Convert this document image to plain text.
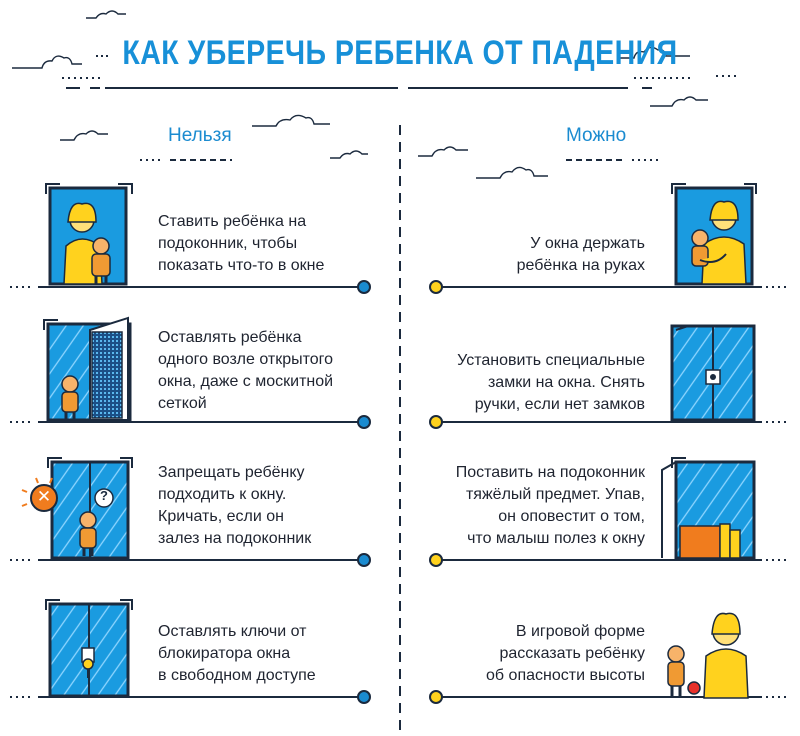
КАК УБЕРЕЧЬ РЕБЕНКА ОТ ПАДЕНИЯ
Нельзя	Можно
✕	?
Ставить ребёнка на
подоконник, чтобы
показать что-то в окне
Оставлять ребёнка
одного возле открытого
окна, даже с москитной
сеткой
Запрещать ребёнку
подходить к окну.
Кричать, если он
залез на подоконник
Оставлять ключи от
блокиратора окна
в свободном доступе
У окна держать
ребёнка на руках
Установить специальные
замки на окна. Снять
ручки, если нет замков
Поставить на подоконник
тяжёлый предмет. Упав,
он оповестит о том,
что малыш полез к окну
В игровой форме
рассказать ребёнку
об опасности высоты
